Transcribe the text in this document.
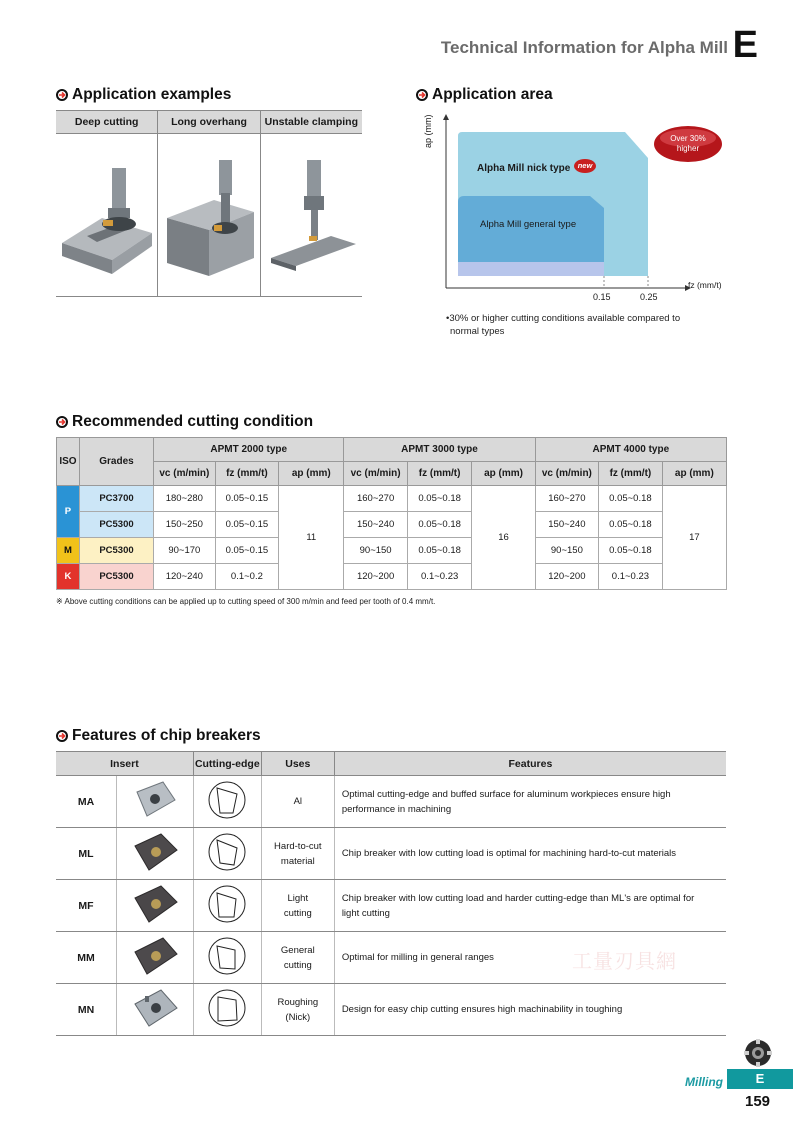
Technical Information for Alpha Mill E
Application examples
Deep cutting	Long overhang	Unstable clamping

Application area
ap (mm)
fz (mm/t)
0.15	0.25
Alpha Mill nick type new
Alpha Mill general type
Over 30%
higher
•30% or higher cutting conditions available compared to
normal types
Recommended cutting condition
ISO	Grades	APMT 2000 type			APMT 3000 type			APMT 4000 type		
		vc (m/min)	fz (mm/t)	ap (mm)	vc (m/min)	fz (mm/t)	ap (mm)	vc (m/min)	fz (mm/t)	ap (mm)
P	PC3700	180~280	0.05~0.15	11	160~270	0.05~0.18	16	160~270	0.05~0.18	17
	PC5300	150~250	0.05~0.15		150~240	0.05~0.18		150~240	0.05~0.18	
M	PC5300	90~170	0.05~0.15		90~150	0.05~0.18		90~150	0.05~0.18	
K	PC5300	120~240	0.1~0.2		120~200	0.1~0.23		120~200	0.1~0.23	
※ Above cutting conditions can be applied up to cutting speed of 300 m/min and feed per tooth of 0.4 mm/t.
Features of chip breakers
Insert		Cutting-edge	Uses	Features
MA			Al	Optimal cutting-edge and buffed surface for aluminum workpieces ensure high performance in machining
ML			Hard-to-cut
material	Chip breaker with low cutting load is optimal for machining hard-to-cut materials
MF			Light
cutting	Chip breaker with low cutting load and harder cutting-edge than ML's are optimal for light cutting
MM			General
cutting	Optimal for milling in general ranges
MN			Roughing
(Nick)	Design for easy chip cutting ensures high machinability in toughing
工量刃具網
Milling	E
159
